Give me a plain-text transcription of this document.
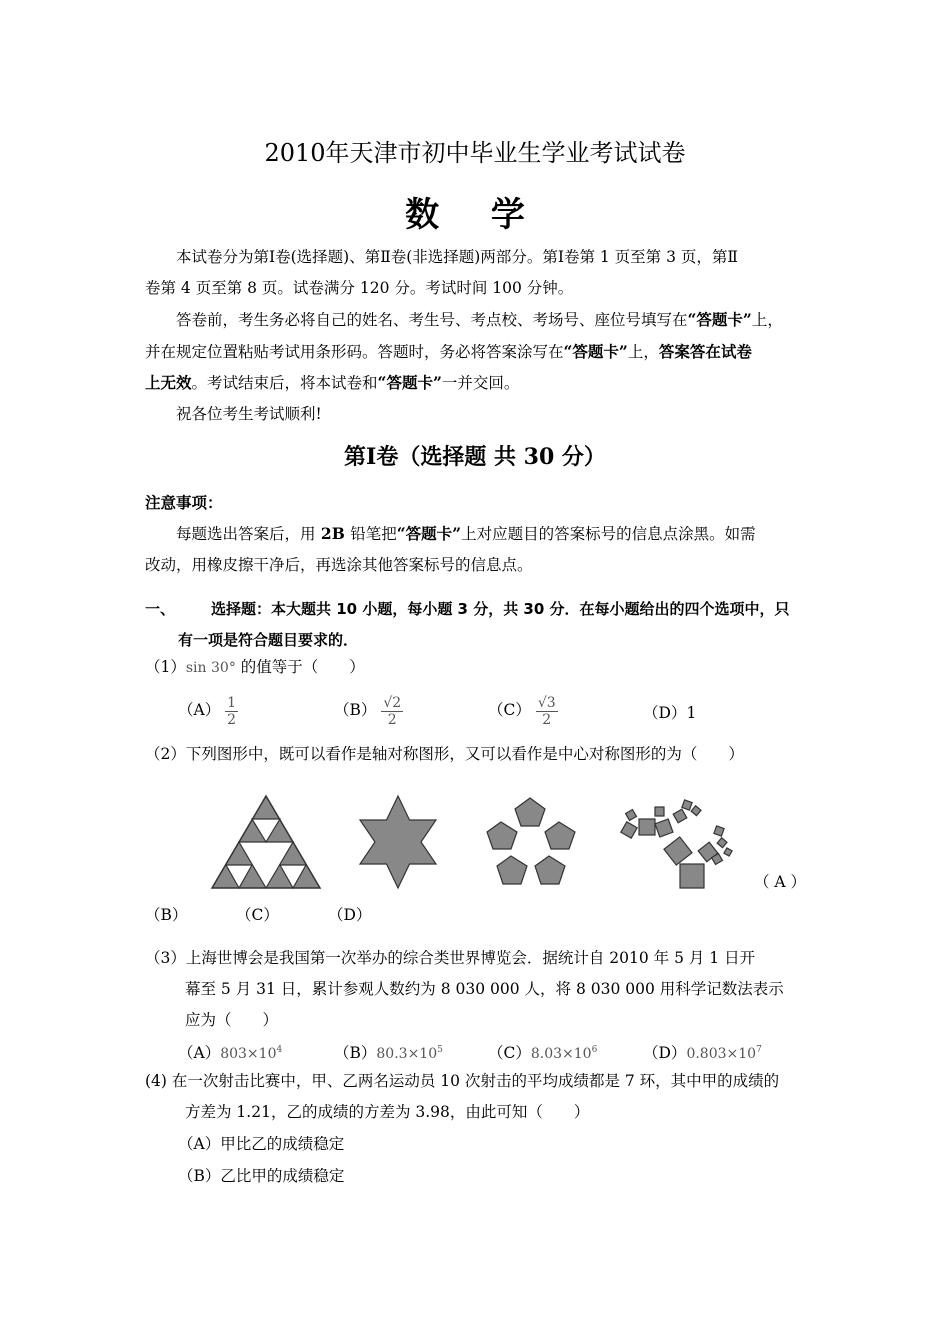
2010年天津市初中毕业生学业考试试卷
数 学
本试卷分为第Ⅰ卷(选择题)、第Ⅱ卷(非选择题)两部分。第Ⅰ卷第 1 页至第 3 页，第Ⅱ
卷第 4 页至第 8 页。试卷满分 120 分。考试时间 100 分钟。
答卷前，考生务必将自己的姓名、考生号、考点校、考场号、座位号填写在“答题卡”上，
并在规定位置粘贴考试用条形码。答题时，务必将答案涂写在“答题卡”上，答案答在试卷
上无效。考试结束后，将本试卷和“答题卡”一并交回。
祝各位考生考试顺利!
第Ⅰ卷（选择题 共 30 分）
注意事项：
每题选出答案后，用 2B 铅笔把“答题卡”上对应题目的答案标号的信息点涂黑。如需
改动，用橡皮擦干净后，再选涂其他答案标号的信息点。
一、 选择题：本大题共 10 小题，每小题 3 分，共 30 分．在每小题给出的四个选项中，只
有一项是符合题目要求的．
（1）sin 30° 的值等于（　　）
$(A) \frac{1}{2}$	$(B) \frac{√2}{2}$	$(C) \frac{√3}{2}$	（D）1
（2）下列图形中，既可以看作是轴对称图形，又可以看作是中心对称图形的为（　　）
（ A ）
（B）	（C）	（D）
（3）上海世博会是我国第一次举办的综合类世界博览会．据统计自 2010 年 5 月 1 日开
幕至 5 月 31 日，累计参观人数约为 8 030 000 人，将 8 030 000 用科学记数法表示
应为（　　）
$(A)803\times 10^4$	$(B)80.3\times 10^5$	$(C)8.03\times 10^6$	$(D)0.803\times 10^7$
(4) 在一次射击比赛中，甲、乙两名运动员 10 次射击的平均成绩都是 7 环，其中甲的成绩的
方差为 1.21，乙的成绩的方差为 3.98，由此可知（　　）
（A）甲比乙的成绩稳定
（B）乙比甲的成绩稳定
